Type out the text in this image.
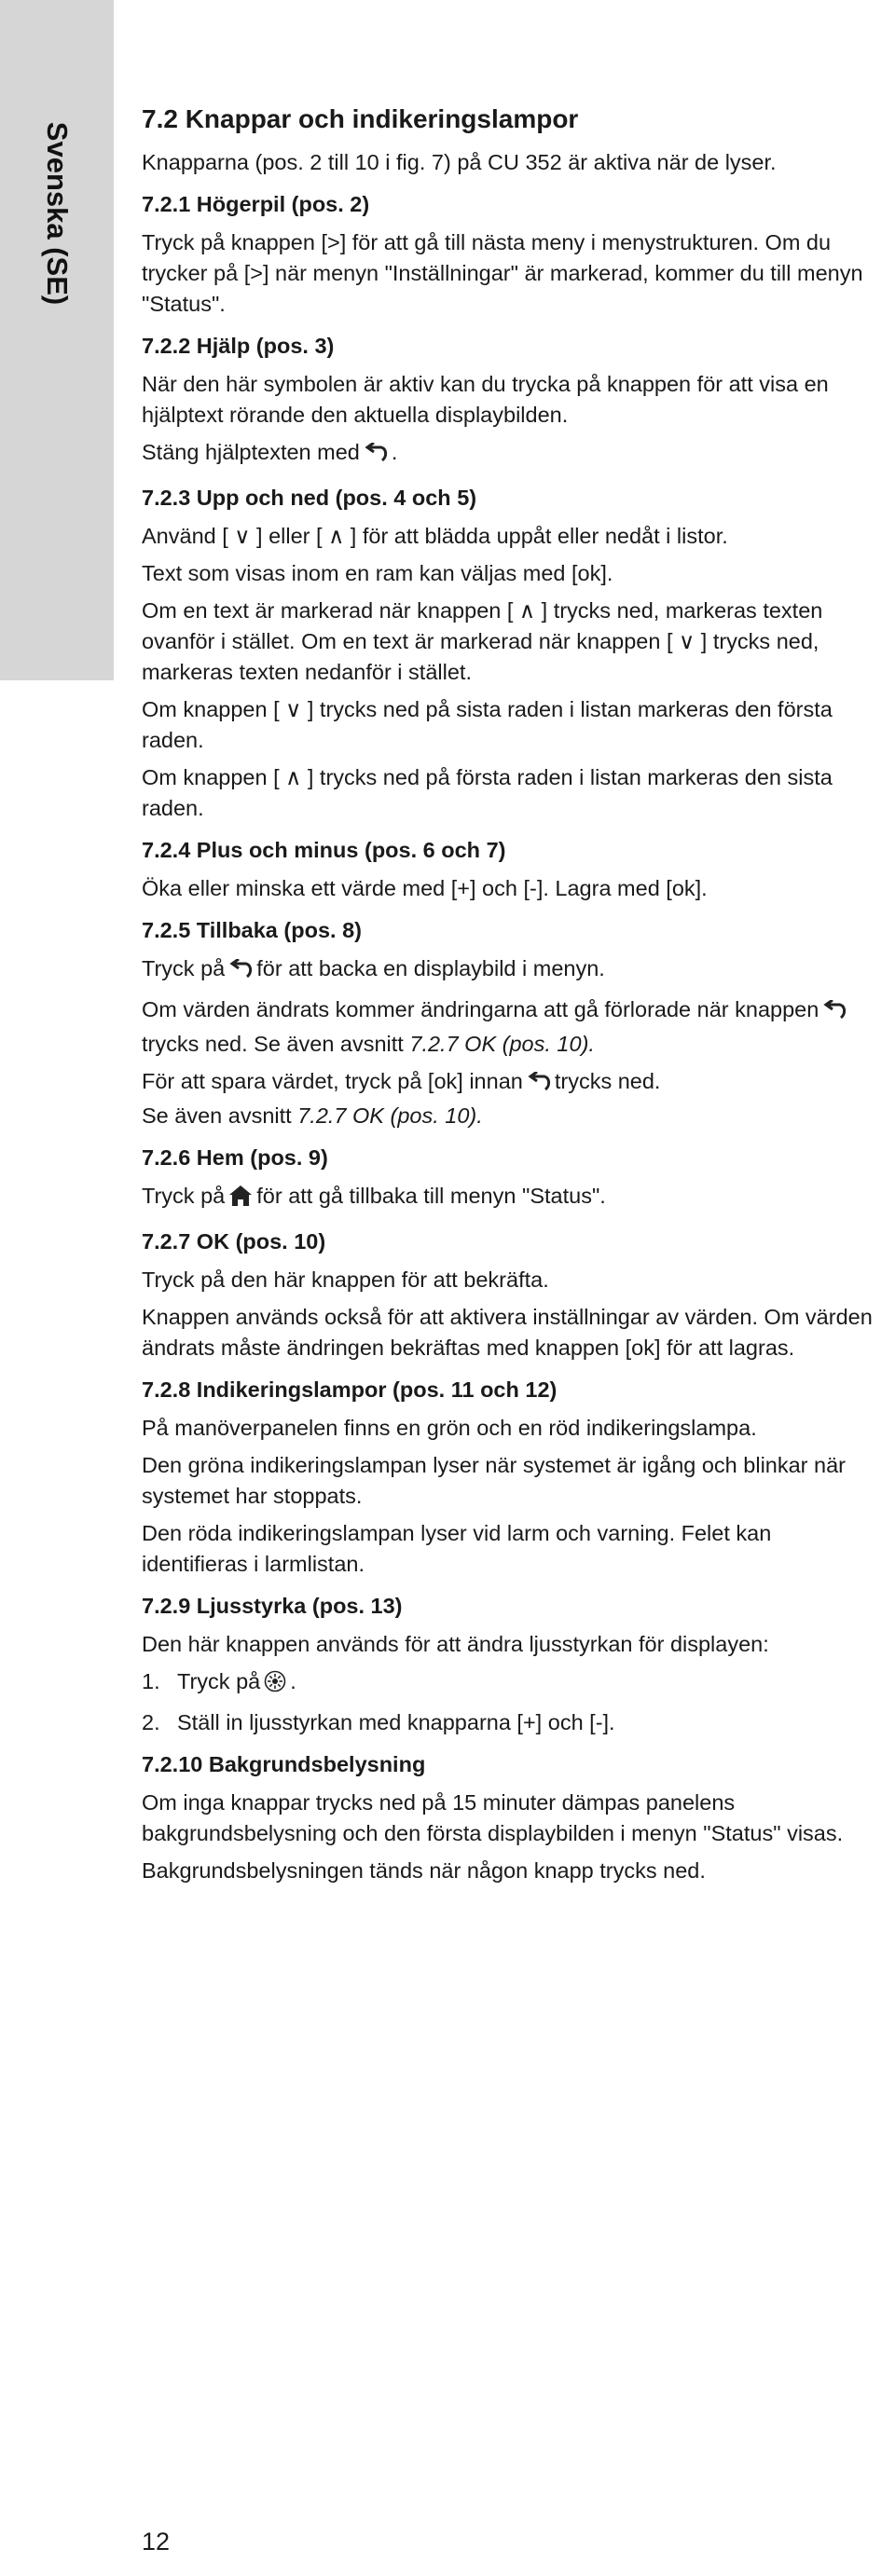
Svenska (SE)
7.2 Knappar och indikeringslampor
Knapparna (pos. 2 till 10 i fig. 7) på CU 352 är aktiva när de lyser.
7.2.1 Högerpil (pos. 2)
Tryck på knappen [>] för att gå till nästa meny i menystrukturen. Om du trycker på [>] när menyn "Inställningar" är markerad, kommer du till menyn "Status".
7.2.2 Hjälp (pos. 3)
När den här symbolen är aktiv kan du trycka på knappen för att visa en hjälptext rörande den aktuella displaybilden.
Stäng hjälptexten med .
7.2.3 Upp och ned (pos. 4 och 5)
Använd [ ∨ ] eller [ ∧ ] för att bläddа uppåt eller nedåt i listor.
Text som visas inom en ram kan väljas med [ok].
Om en text är markerad när knappen [ ∧ ] trycks ned, markeras texten ovanför i stället. Om en text är markerad när knappen [ ∨ ] trycks ned, markeras texten nedanför i stället.
Om knappen [ ∨ ] trycks ned på sista raden i listan markeras den första raden.
Om knappen [ ∧ ] trycks ned på första raden i listan markeras den sista raden.
7.2.4 Plus och minus (pos. 6 och 7)
Öka eller minska ett värde med [+] och [-]. Lagra med [ok].
7.2.5 Tillbaka (pos. 8)
Tryck på för att backa en displaybild i menyn.
Om värden ändrats kommer ändringarna att gå förlorade när knappentrycks ned. Se även avsnitt 7.2.7 OK (pos. 10).
För att spara värdet, tryck på [ok] innan trycks ned.
Se även avsnitt 7.2.7 OK (pos. 10).
7.2.6 Hem (pos. 9)
Tryck på för att gå tillbaka till menyn "Status".
7.2.7 OK (pos. 10)
Tryck på den här knappen för att bekräfta.
Knappen används också för att aktivera inställningar av värden. Om värden ändrats måste ändringen bekräftas med knappen [ok] för att lagras.
7.2.8 Indikeringslampor (pos. 11 och 12)
På manöverpanelen finns en grön och en röd indikeringslampa.
Den gröna indikeringslampan lyser när systemet är igång och blinkar när systemet har stoppats.
Den röda indikeringslampan lyser vid larm och varning. Felet kan identifieras i larmlistan.
7.2.9 Ljusstyrka (pos. 13)
Den här knappen används för att ändra ljusstyrkan för displayen:
1. Tryck på .
2. Ställ in ljusstyrkan med knapparna [+] och [-].
7.2.10 Bakgrundsbelysning
Om inga knappar trycks ned på 15 minuter dämpas panelens bakgrundsbelysning och den första displaybilden i menyn "Status" visas.
Bakgrundsbelysningen tänds när någon knapp trycks ned.
12
